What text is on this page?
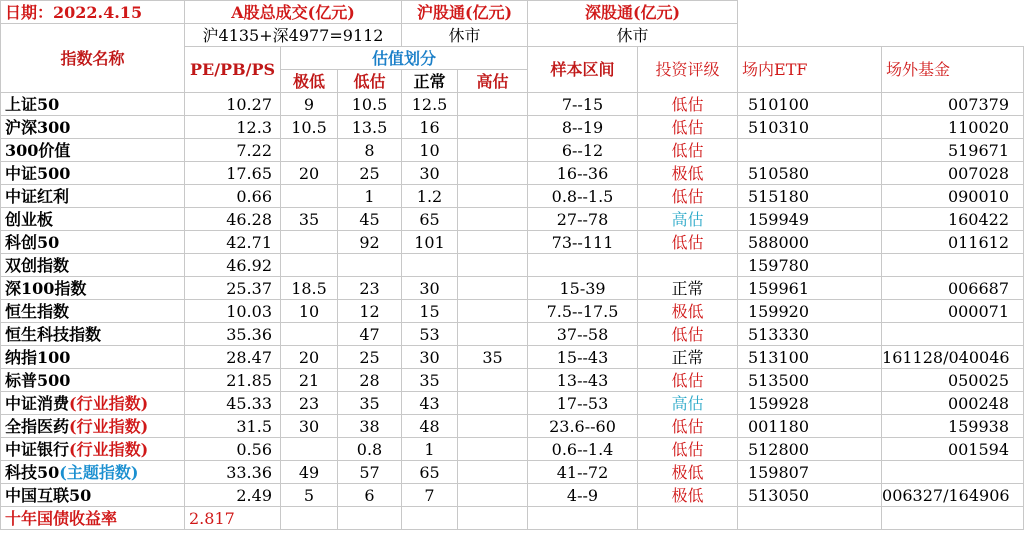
日期：2022.4.15	A股总成交(亿元)			沪股通(亿元)		深股通(亿元)			
指数名称	沪4135+深4977=9112			休市		休市			
	PE/PB/PS	估值划分				样本区间	投资评级	场内ETF	场外基金
		极低	低估	正常	高估				
上证50	10.27	9	10.5	12.5		7--15	低估	510100	007379
沪深300	12.3	10.5	13.5	16		8--19	低估	510310	110020
300价值	7.22		8	10		6--12	低估		519671
中证500	17.65	20	25	30		16--36	极低	510580	007028
中证红利	0.66		1	1.2		0.8--1.5	低估	515180	090010
创业板	46.28	35	45	65		27--78	高估	159949	160422
科创50	42.71		92	101		73--111	低估	588000	011612
双创指数	46.92							159780	
深100指数	25.37	18.5	23	30		15-39	正常	159961	006687
恒生指数	10.03	10	12	15		7.5--17.5	极低	159920	000071
恒生科技指数	35.36		47	53		37--58	低估	513330	
纳指100	28.47	20	25	30	35	15--43	正常	513100	161128/040046
标普500	21.85	21	28	35		13--43	低估	513500	050025
中证消费(行业指数)	45.33	23	35	43		17--53	高估	159928	000248
全指医药(行业指数)	31.5	30	38	48		23.6--60	低估	001180	159938
中证银行(行业指数)	0.56		0.8	1		0.6--1.4	低估	512800	001594
科技50(主题指数)	33.36	49	57	65		41--72	极低	159807	
中国互联50	2.49	5	6	7		4--9	极低	513050	006327/164906
十年国债收益率	2.817								
